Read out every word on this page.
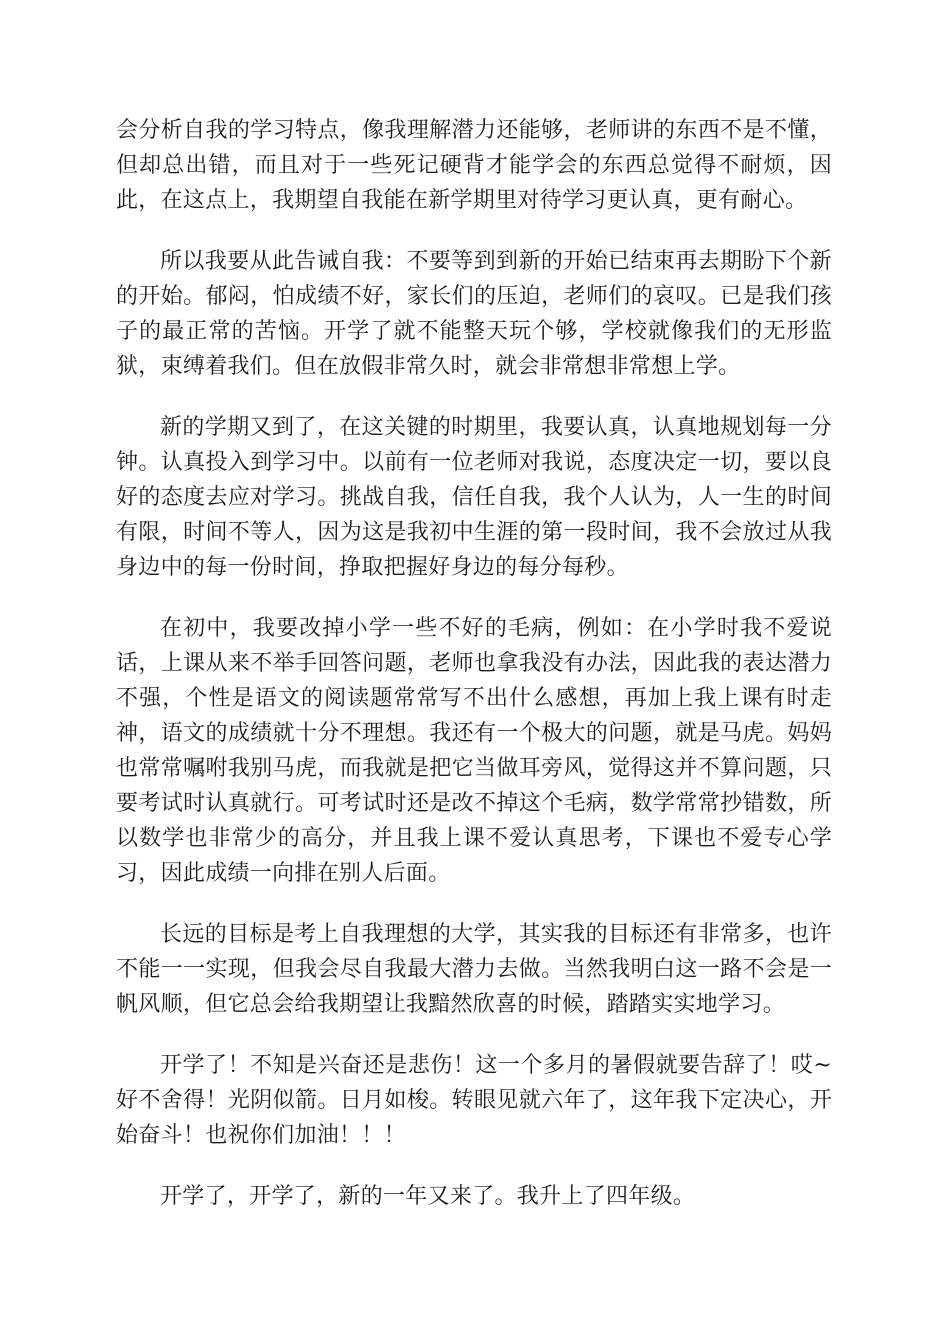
会分析自我的学习特点，像我理解潜力还能够，老师讲的东西不是不懂，但却总出错，而且对于一些死记硬背才能学会的东西总觉得不耐烦，因此，在这点上，我期望自我能在新学期里对待学习更认真，更有耐心。

所以我要从此告诫自我：不要等到到新的开始已结束再去期盼下个新的开始。郁闷，怕成绩不好，家长们的压迫，老师们的哀叹。已是我们孩子的最正常的苦恼。开学了就不能整天玩个够，学校就像我们的无形监狱，束缚着我们。但在放假非常久时，就会非常想非常想上学。

新的学期又到了，在这关键的时期里，我要认真，认真地规划每一分钟。认真投入到学习中。以前有一位老师对我说，态度决定一切，要以良好的态度去应对学习。挑战自我，信任自我，我个人认为，人一生的时间有限，时间不等人，因为这是我初中生涯的第一段时间，我不会放过从我身边中的每一份时间，挣取把握好身边的每分每秒。

在初中，我要改掉小学一些不好的毛病，例如：在小学时我不爱说话，上课从来不举手回答问题，老师也拿我没有办法，因此我的表达潜力不强，个性是语文的阅读题常常写不出什么感想，再加上我上课有时走神，语文的成绩就十分不理想。我还有一个极大的问题，就是马虎。妈妈也常常嘱咐我别马虎，而我就是把它当做耳旁风，觉得这并不算问题，只要考试时认真就行。可考试时还是改不掉这个毛病，数学常常抄错数，所以数学也非常少的高分，并且我上课不爱认真思考，下课也不爱专心学习，因此成绩一向排在别人后面。

长远的目标是考上自我理想的大学，其实我的目标还有非常多，也许不能一一实现，但我会尽自我最大潜力去做。当然我明白这一路不会是一帆风顺，但它总会给我期望让我黯然欣喜的时候，踏踏实实地学习。

开学了！不知是兴奋还是悲伤！这一个多月的暑假就要告辞了！哎~好不舍得！光阴似箭。日月如梭。转眼见就六年了，这年我下定决心，开始奋斗！也祝你们加油！！！

开学了，开学了，新的一年又来了。我升上了四年级。
